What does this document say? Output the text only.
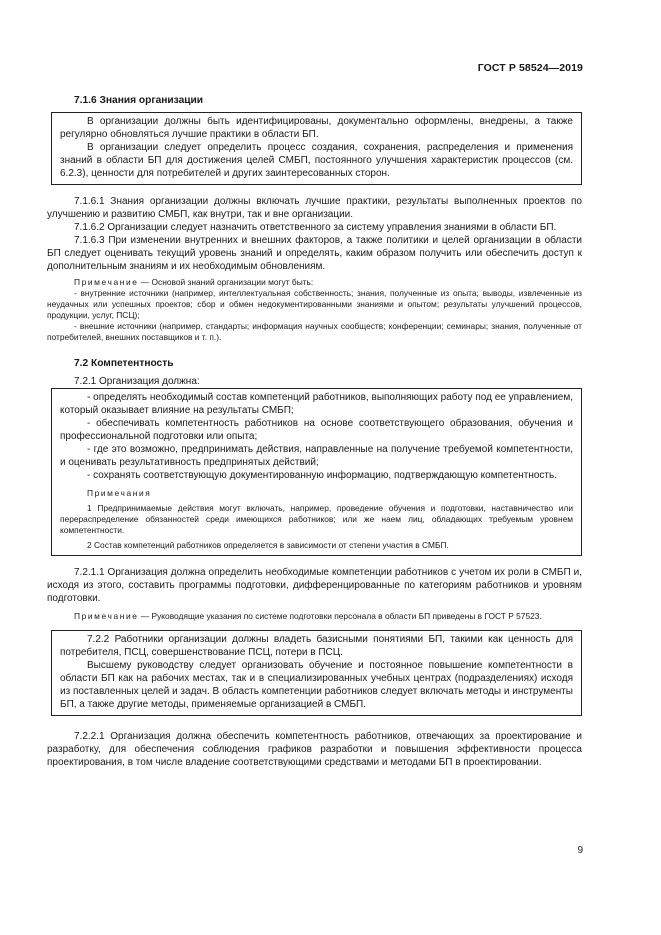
ГОСТ Р 58524—2019

7.1.6 Знания организации

В организации должны быть идентифицированы, документально оформлены, внедрены, а также регулярно обновляться лучшие практики в области БП.

В организации следует определить процесс создания, сохранения, распределения и применения знаний в области БП для достижения целей СМБП, постоянного улучшения характеристик процессов (см. 6.2.3), ценности для потребителей и других заинтересованных сторон.

7.1.6.1 Знания организации должны включать лучшие практики, результаты выполненных проектов по улучшению и развитию СМБП, как внутри, так и вне организации.

7.1.6.2 Организации следует назначить ответственного за систему управления знаниями в области БП.

7.1.6.3 При изменении внутренних и внешних факторов, а также политики и целей организации в области БП следует оценивать текущий уровень знаний и определять, каким образом получить или обеспечить доступ к дополнительным знаниям и их необходимым обновлениям.

Примечание — Основой знаний организации могут быть:

- внутренние источники (например, интеллектуальная собственность; знания, полученные из опыта; выводы, извлеченные из неудачных или успешных проектов; сбор и обмен недокументированными знаниями и опытом; результаты улучшений процессов, продукции, услуг, ПСЦ);

- внешние источники (например, стандарты; информация научных сообществ; конференции; семинары; знания, полученные от потребителей, внешних поставщиков и т. п.).

7.2 Компетентность

7.2.1 Организация должна:

- определять необходимый состав компетенций работников, выполняющих работу под ее управлением, который оказывает влияние на результаты СМБП;

- обеспечивать компетентность работников на основе соответствующего образования, обучения и профессиональной подготовки или опыта;

- где это возможно, предпринимать действия, направленные на получение требуемой компетентности, и оценивать результативность предпринятых действий;

- сохранять соответствующую документированную информацию, подтверждающую компетентность.

Примечания

1 Предпринимаемые действия могут включать, например, проведение обучения и подготовки, наставничество или перераспределение обязанностей среди имеющихся работников; или же наем лиц, обладающих требуемым уровнем компетентности.

2 Состав компетенций работников определяется в зависимости от степени участия в СМБП.

7.2.1.1 Организация должна определить необходимые компетенции работников с учетом их роли в СМБП и, исходя из этого, составить программы подготовки, дифференцированные по категориям работников и уровням подготовки.

Примечание — Руководящие указания по системе подготовки персонала в области БП приведены в ГОСТ Р 57523.

7.2.2 Работники организации должны владеть базисными понятиями БП, такими как ценность для потребителя, ПСЦ, совершенствование ПСЦ, потери в ПСЦ.

Высшему руководству следует организовать обучение и постоянное повышение компетентности в области БП как на рабочих местах, так и в специализированных учебных центрах (подразделениях) исходя из поставленных целей и задач. В область компетенции работников следует включать методы и инструменты БП, а также другие методы, применяемые организацией в СМБП.

7.2.2.1 Организация должна обеспечить компетентность работников, отвечающих за проектирование и разработку, для обеспечения соблюдения графиков разработки и повышения эффективности процесса проектирования, в том числе владение соответствующими средствами и методами БП в проектировании.

9
